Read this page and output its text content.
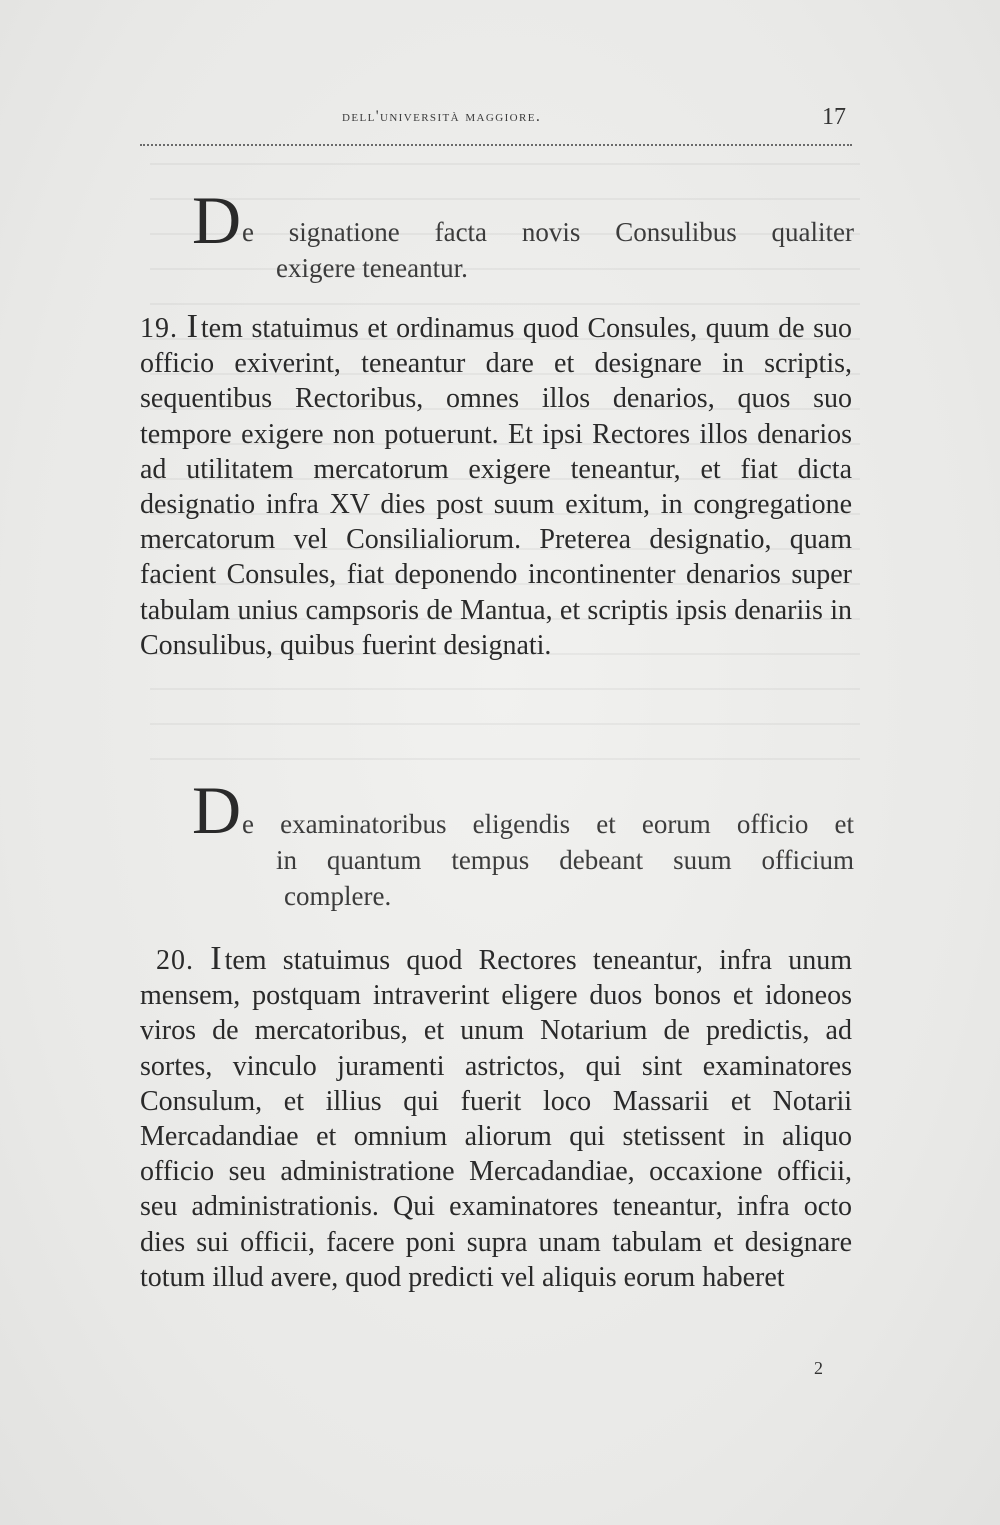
dell'università maggiore.	17
D e signatione facta novis Consulibus qualiter
exigere teneantur.

19. I tem statuimus et ordinamus quod Consules, quum de suo officio exiverint, teneantur dare et designare in scriptis, sequentibus Rectoribus, omnes illos denarios, quos suo tempore exigere non potuerunt. Et ipsi Rectores illos denarios ad utilitatem mercatorum exigere teneantur, et fiat dicta designatio infra XV dies post suum exitum, in congregatione mercatorum vel Consilialiorum. Preterea designatio, quam facient Consules, fiat deponendo incontinenter denarios super tabulam unius campsoris de Mantua, et scriptis ipsis denariis in Consulibus, quibus fuerint designati.

D e examinatoribus eligendis et eorum officio et
in quantum tempus debeant suum officium
complere.

20. I tem statuimus quod Rectores teneantur, infra unum mensem, postquam intraverint eligere duos bonos et idoneos viros de mercatoribus, et unum Notarium de predictis, ad sortes, vinculo juramenti astrictos, qui sint examinatores Consulum, et illius qui fuerit loco Massarii et Notarii Mercadandiae et omnium aliorum qui stetissent in aliquo officio seu administratione Mercadandiae, occaxione officii, seu administrationis. Qui examinatores teneantur, infra octo dies sui officii, facere poni supra unam tabulam et designare totum illud avere, quod predicti vel aliquis eorum haberet

2
